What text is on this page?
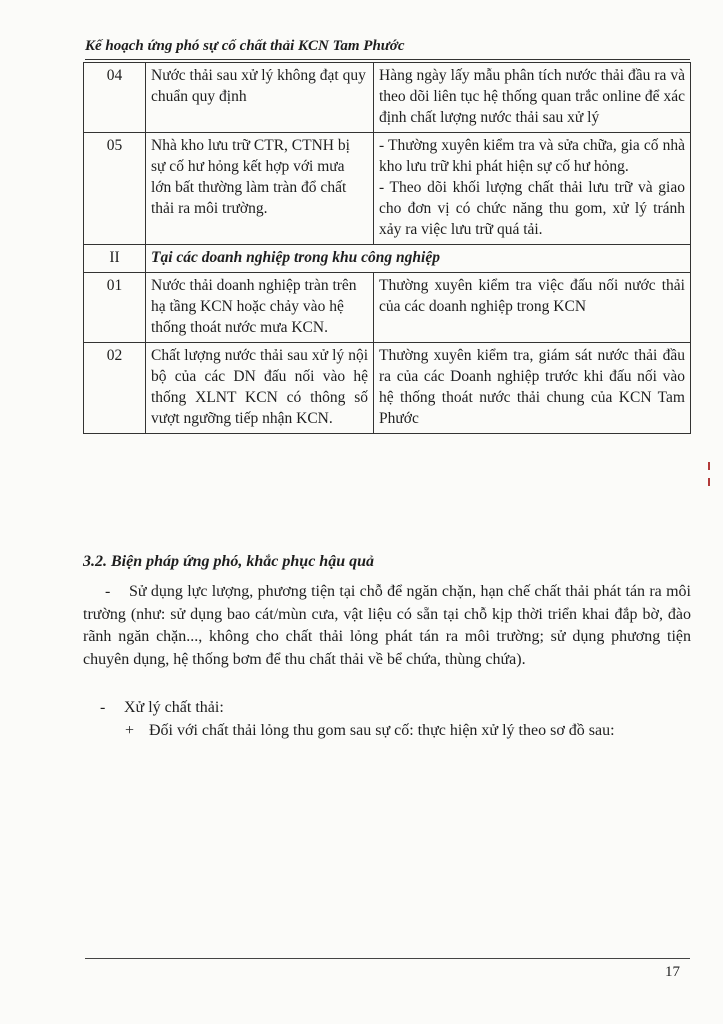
Kế hoạch ứng phó sự cố chất thải KCN Tam Phước
04	Nước thải sau xử lý không đạt quy chuẩn quy định	Hàng ngày lấy mẫu phân tích nước thải đầu ra và theo dõi liên tục hệ thống quan trắc online để xác định chất lượng nước thải sau xử lý
05	Nhà kho lưu trữ CTR, CTNH bị sự cố hư hỏng kết hợp với mưa lớn bất thường làm tràn đổ chất thải ra môi trường.	- Thường xuyên kiểm tra và sửa chữa, gia cố nhà kho lưu trữ khi phát hiện sự cố hư hỏng.
- Theo dõi khối lượng chất thải lưu trữ và giao cho đơn vị có chức năng thu gom, xử lý tránh xảy ra việc lưu trữ quá tải.

II	Tại các doanh nghiệp trong khu công nghiệp	
01	Nước thải doanh nghiệp tràn trên hạ tầng KCN hoặc chảy vào hệ thống thoát nước mưa KCN.	Thường xuyên kiểm tra việc đấu nối nước thải của các doanh nghiệp trong KCN
02	Chất lượng nước thải sau xử lý nội bộ của các DN đấu nối vào hệ thống XLNT KCN có thông số vượt ngưỡng tiếp nhận KCN.	Thường xuyên kiểm tra, giám sát nước thải đầu ra của các Doanh nghiệp trước khi đấu nối vào hệ thống thoát nước thải chung của KCN Tam Phước
3.2. Biện pháp ứng phó, khắc phục hậu quả
- Sử dụng lực lượng, phương tiện tại chỗ để ngăn chặn, hạn chế chất thải phát tán ra môi trường (như: sử dụng bao cát/mùn cưa, vật liệu có sẵn tại chỗ kịp thời triển khai đắp bờ, đào rãnh ngăn chặn..., không cho chất thải lỏng phát tán ra môi trường; sử dụng phương tiện chuyên dụng, hệ thống bơm để thu chất thải về bể chứa, thùng chứa).
- Xử lý chất thải:
+ Đối với chất thải lỏng thu gom sau sự cố: thực hiện xử lý theo sơ đồ sau:
17
